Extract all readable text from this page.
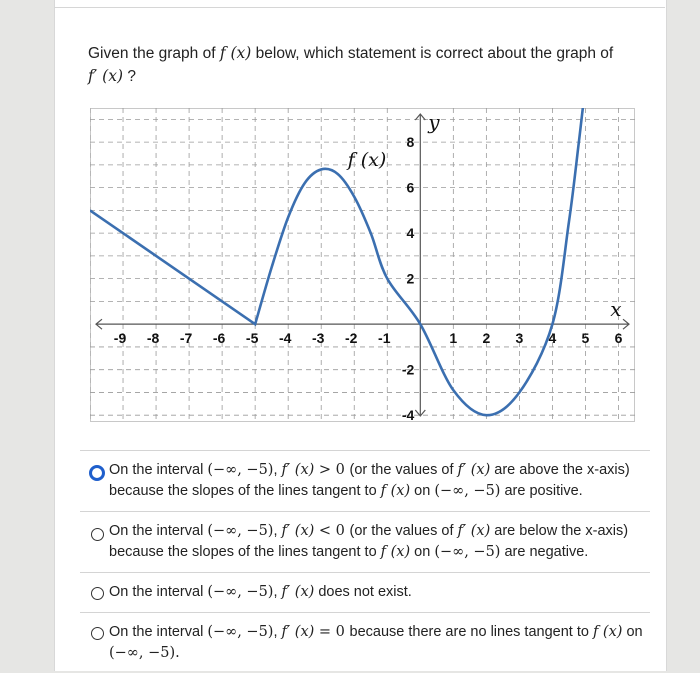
Given the graph of f (x) below, which statement is correct about the graph of
f′ (x) ?
-9 -8 -7 -6 -5 -4 -3 -2 -1	1 2 3 4 5 6
8
6
4
2
-2
-4
y
x
f (x)
On the interval (−∞, −5), f′ (x) > 0 (or the values of f′ (x) are above the x-axis)
because the slopes of the lines tangent to f (x) on (−∞, −5) are positive.
On the interval (−∞, −5), f′ (x) < 0 (or the values of f′ (x) are below the x-axis)
because the slopes of the lines tangent to f (x) on (−∞, −5) are negative.
On the interval (−∞, −5), f′ (x) does not exist.
On the interval (−∞, −5), f′ (x) = 0 because there are no lines tangent to f (x) on
(−∞, −5).
